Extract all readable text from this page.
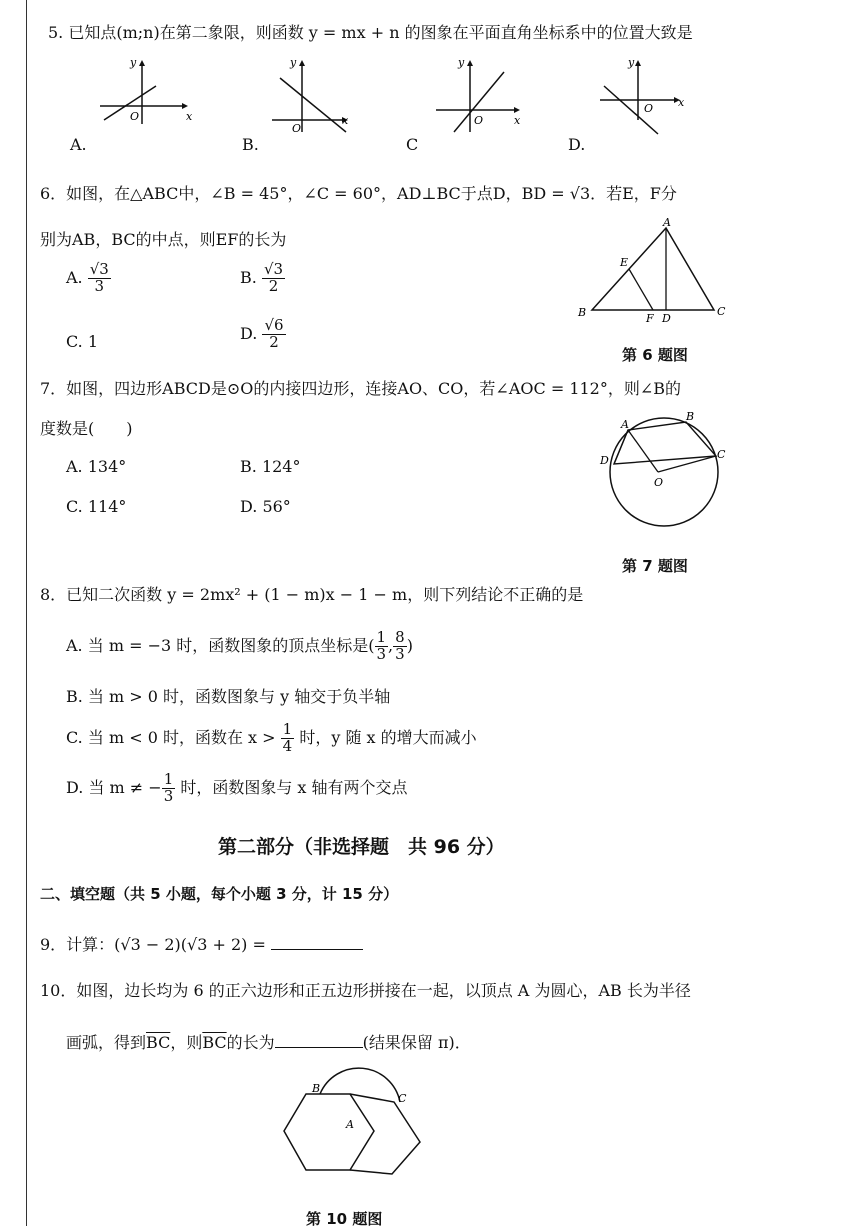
5. 已知点(m;n)在第二象限，则函数 y = mx + n 的图象在平面直角坐标系中的位置大致是
y
x
O
A.
y
x
O
B.
y
x
O
C
y
x
O
D.
6．如图，在△ABC中，∠B = 45°，∠C = 60°，AD⊥BC于点D，BD = √3．若E，F分
别为AB，BC的中点，则EF的长为
A. $\frac{√3}{3}$	B. $\frac{√3}{2}$
C. 1	D. $\frac{√6}{2}$
A
B	C
D
E
F
第 6 题图
7．如图，四边形ABCD是⊙O的内接四边形，连接AO、CO，若∠AOC = 112°，则∠B的
度数是(　　)
A. 134°	B. 124°
C. 114°	D. 56°
A
B
C
D
O
第 7 题图
8．已知二次函数 y = 2mx² + (1 − m)x − 1 − m，则下列结论不正确的是
A. 当 m = −3 时，函数图象的顶点坐标是( $\frac{1}{3}$ , $\frac{8}{3}$ )
B. 当 m > 0 时，函数图象与 y 轴交于负半轴
C. 当 m < 0 时，函数在 $x > \frac{1}{4}$ 时，y 随 x 的增大而减小
D. 当 m ≠ − $\frac{1}{3}$ 时，函数图象与 x 轴有两个交点
第二部分（非选择题　共 96 分）
二、填空题（共 5 小题，每个小题 3 分，计 15 分）
9．计算：(√3 − 2)(√3 + 2) =
10．如图，边长均为 6 的正六边形和正五边形拼接在一起，以顶点 A 为圆心，AB 长为半径
画弧，得到$\overline{BC}$，则$\overline{BC}$的长为	(结果保留 π)．
B
C
A
第 10 题图
